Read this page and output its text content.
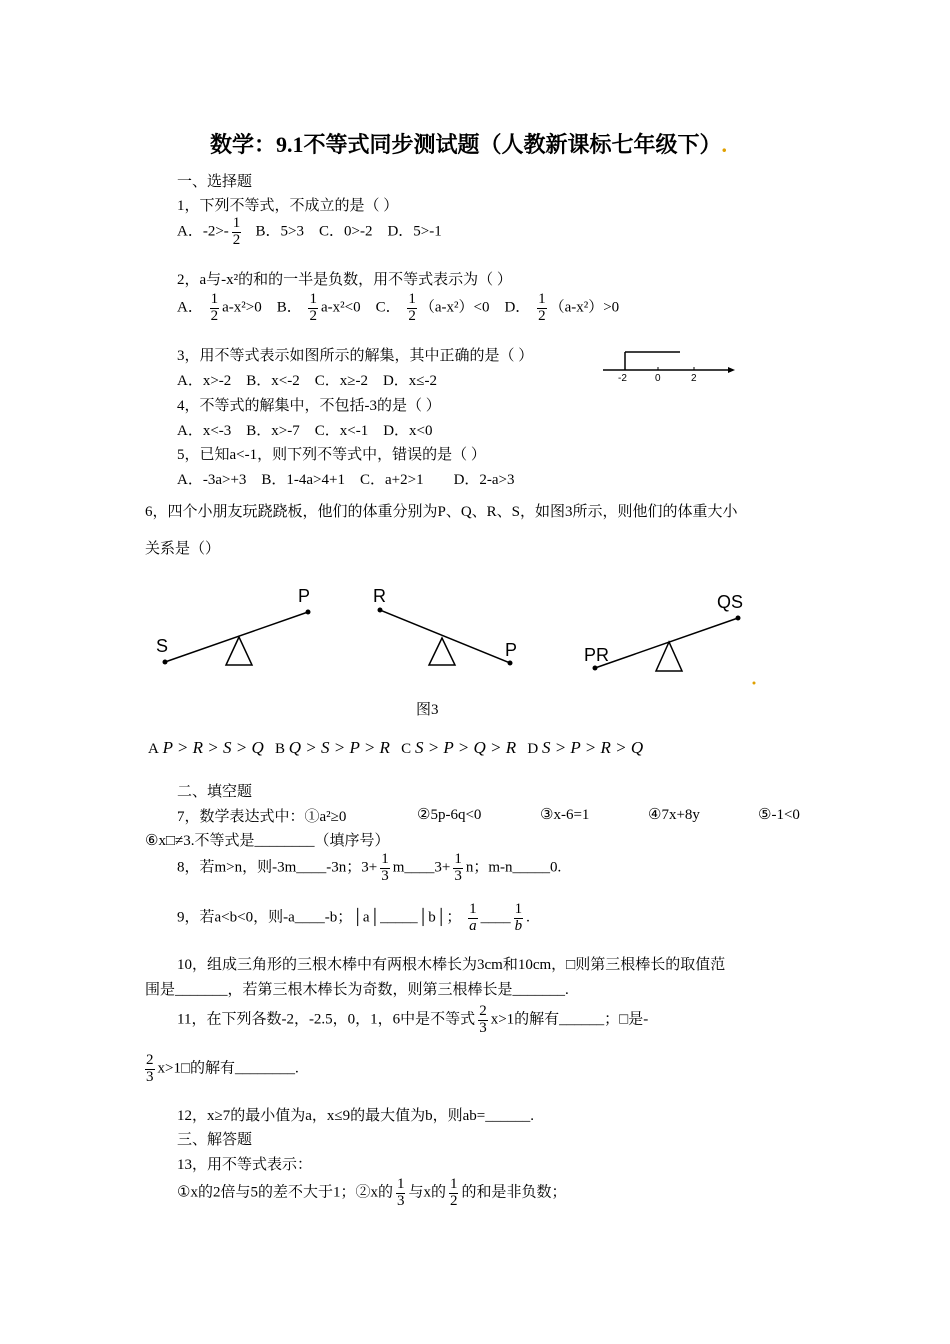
数学：9.1不等式同步测试题（人教新课标七年级下）.
一、选择题
1，下列不等式，不成立的是（ ）
A．$-2>- \frac{1}{2}$ B．5>3　C．0>-2　D．5>-1
2，a与-x²的和的一半是负数，用不等式表示为（ ）
A． $\frac{1}{2} a-x^2>0$ B． $\frac{1}{2} a-x^2<0$ C． $\frac{1}{2} (a-x^2)<0$ D． $\frac{1}{2} (a-x^2)>0$
3，用不等式表示如图所示的解集，其中正确的是（ ）
A．x>-2　B．x<-2　C．x≥-2　D．x≤-2	-2	0	2
4，不等式的解集中，不包括-3的是（ ）
A．x<-3　B．x>-7　C．x<-1　D．x<0
5，已知a<-1，则下列不等式中，错误的是（ ）
A．-3a>+3　B．1-4a>4+1　C．a+2>1　　D．2-a>3
6，四个小朋友玩跷跷板，他们的体重分别为P、Q、R、S，如图3所示，则他们的体重大小
关系是（）
S
P	R
P	PR
QS
图3
A P > R > S > Q B Q > S > P > R C S > P > Q > R D S > P > R > Q
二、填空题
7，数学表达式中：①a²≥0	②5p-6q<0	③x-6=1	④7x+8y	⑤-1<0
⑥x□≠3.不等式是________（填序号）
8，若m>n，则-3m____-3n；$3+ \frac{1}{3}$ m____3+ $\frac{1}{3}$ n；m-n_____0.
9，若a<b<0，则-a____-b；│a│_____│b│； $\frac{1}{a}$ ____ $\frac{1}{b}$ .
10，组成三角形的三根木棒中有两根木棒长为3cm和10cm，□则第三根棒长的取值范
围是_______，若第三根木棒长为奇数，则第三根棒长是_______.
11，在下列各数-2，-2.5，0，1，6中是不等式 $\frac{2}{3} x>1$的解有______；□是-
$\frac{2}{3}$ x>1□的解有________.
12，x≥7的最小值为a，x≤9的最大值为b，则ab=______.
三、解答题
13，用不等式表示：
①x的2倍与5的差不大于1；②x的 $\frac{1}{3}$ 与x的 $\frac{1}{2}$ 的和是非负数；
